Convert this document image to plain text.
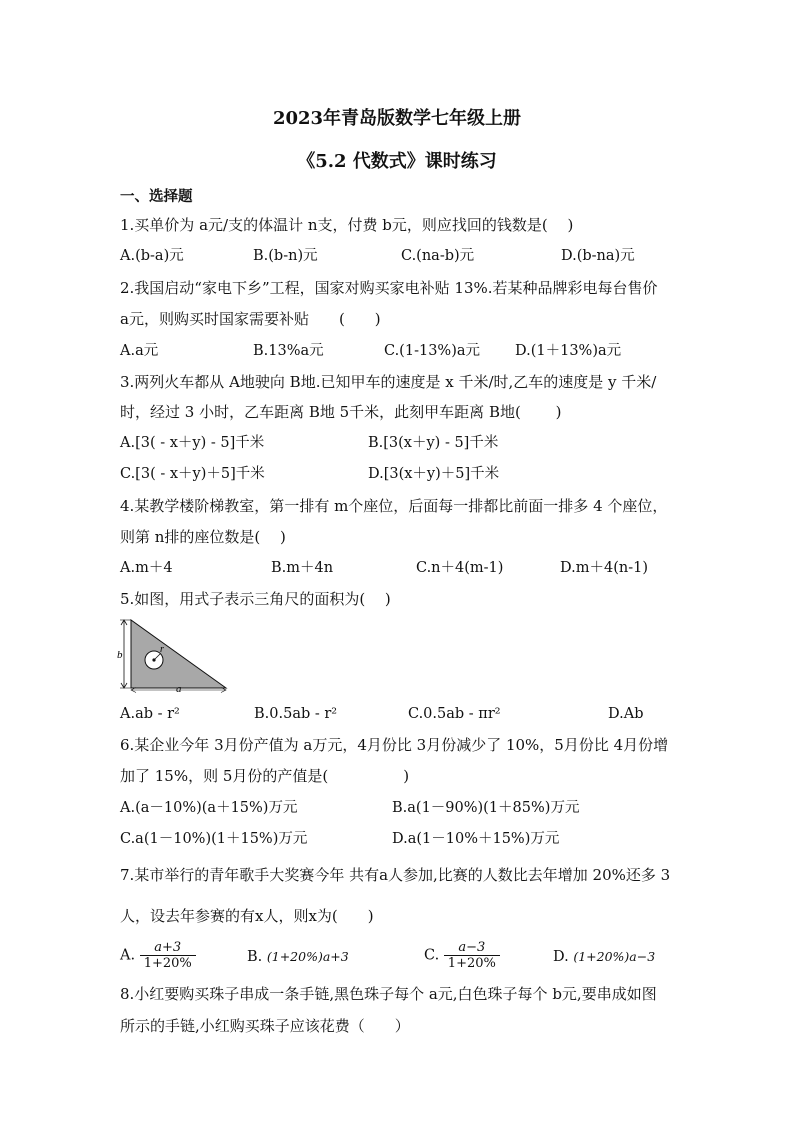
2023年青岛版数学七年级上册
《5.2 代数式》课时练习
一、选择题
1.买单价为 a元/支的体温计 n支，付费 b元，则应找回的钱数是(　 )
A.(b-a)元	B.(b-n)元	C.(na-b)元	D.(b-na)元
2.我国启动“家电下乡”工程，国家对购买家电补贴 13%.若某种品牌彩电每台售价
a元，则购买时国家需要补贴　　(　　)
A.a元	B.13%a元	C.(1-13%)a元 D.(1＋13%)a元
3.两列火车都从 A地驶向 B地.已知甲车的速度是 x 千米/时,乙车的速度是 y 千米/
时，经过 3 小时，乙车距离 B地 5千米，此刻甲车距离 B地(　　 )
A.[3( - x＋y) - 5]千米	B.[3(x＋y) - 5]千米
C.[3( - x＋y)＋5]千米	D.[3(x＋y)＋5]千米
4.某教学楼阶梯教室，第一排有 m个座位，后面每一排都比前面一排多 4 个座位，
则第 n排的座位数是(　 )
A.m＋4	B.m＋4n	C.n＋4(m-1)	D.m＋4(n-1)
5.如图，用式子表示三角尺的面积为(　 )
b
a
r
A.ab - r²	B.0.5ab - r²	C.0.5ab - πr²	D.Ab
6.某企业今年 3月份产值为 a万元，4月份比 3月份减少了 10%，5月份比 4月份增
加了 15%，则 5月份的产值是(　　　　　)
A.(a－10%)(a＋15%)万元	B.a(1－90%)(1＋85%)万元
C.a(1－10%)(1＋15%)万元	D.a(1－10%＋15%)万元
7.某市举行的青年歌手大奖赛今年 共有a人参加,比赛的人数比去年增加 20%还多 3
人，设去年参赛的有x人，则x为(　　)
A. $\frac{a+3}{1+20\%}$	B. (1+20%)a+3	C. $\frac{a-3}{1+20\%}$	D. (1+20%)a−3
8.小红要购买珠子串成一条手链,黑色珠子每个 a元,白色珠子每个 b元,要串成如图
所示的手链,小红购买珠子应该花费（　　）
